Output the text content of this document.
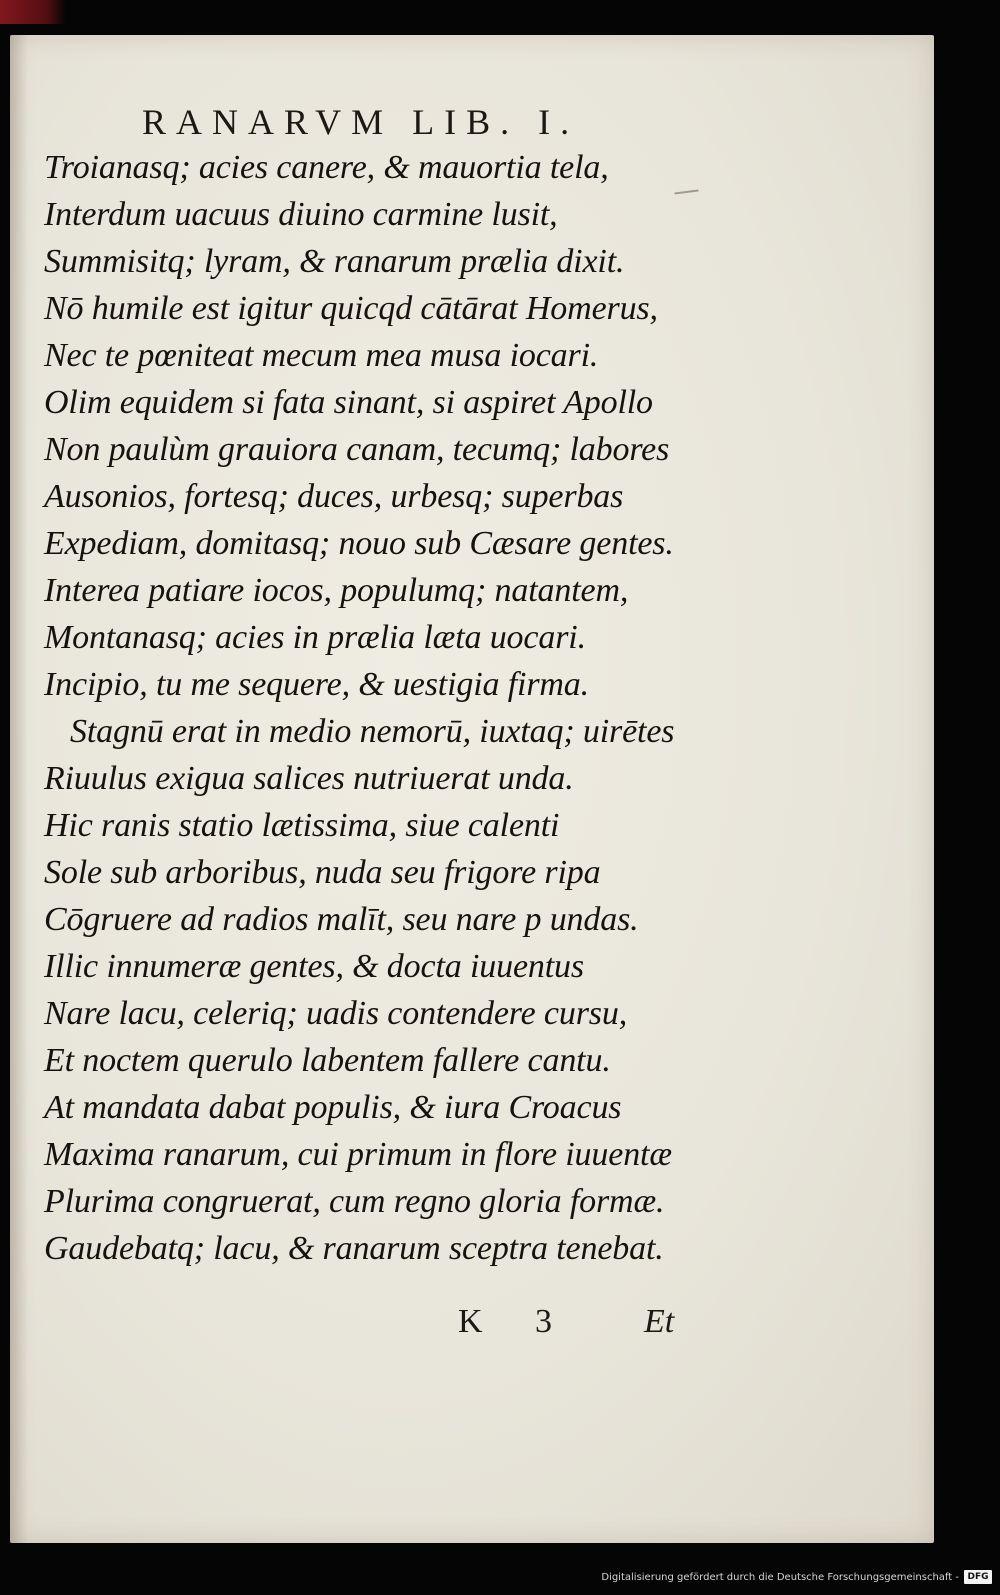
RANARVM LIB. I.
Troianasq; acies canere, & mauortia tela,
Interdum uacuus diuino carmine lusit,
Summisitq; lyram, & ranarum prælia dixit.
Nō humile est igitur quicqd cātārat Homerus,
Nec te pœniteat mecum mea musa iocari.
Olim equidem si fata sinant, si aspiret Apollo
Non paulùm grauiora canam, tecumq; labores
Ausonios, fortesq; duces, urbesq; superbas
Expediam, domitasq; nouo sub Cæsare gentes.
Interea patiare iocos, populumq; natantem,
Montanasq; acies in prælia læta uocari.
Incipio, tu me sequere, & uestigia firma.
Stagnū erat in medio nemorū, iuxtaq; uirētes
Riuulus exigua salices nutriuerat unda.
Hic ranis statio lætissima, siue calenti
Sole sub arboribus, nuda seu frigore ripa
Cōgruere ad radios malīt, seu nare p undas.
Illic innumeræ gentes, & docta iuuentus
Nare lacu, celeriq; uadis contendere cursu,
Et noctem querulo labentem fallere cantu.
At mandata dabat populis, & iura Croacus
Maxima ranarum, cui primum in flore iuuentæ
Plurima congruerat, cum regno gloria formæ.
Gaudebatq; lacu, & ranarum sceptra tenebat.
K 3	Et
Digitalisierung gefördert durch die Deutsche Forschungsgemeinschaft - DFG
